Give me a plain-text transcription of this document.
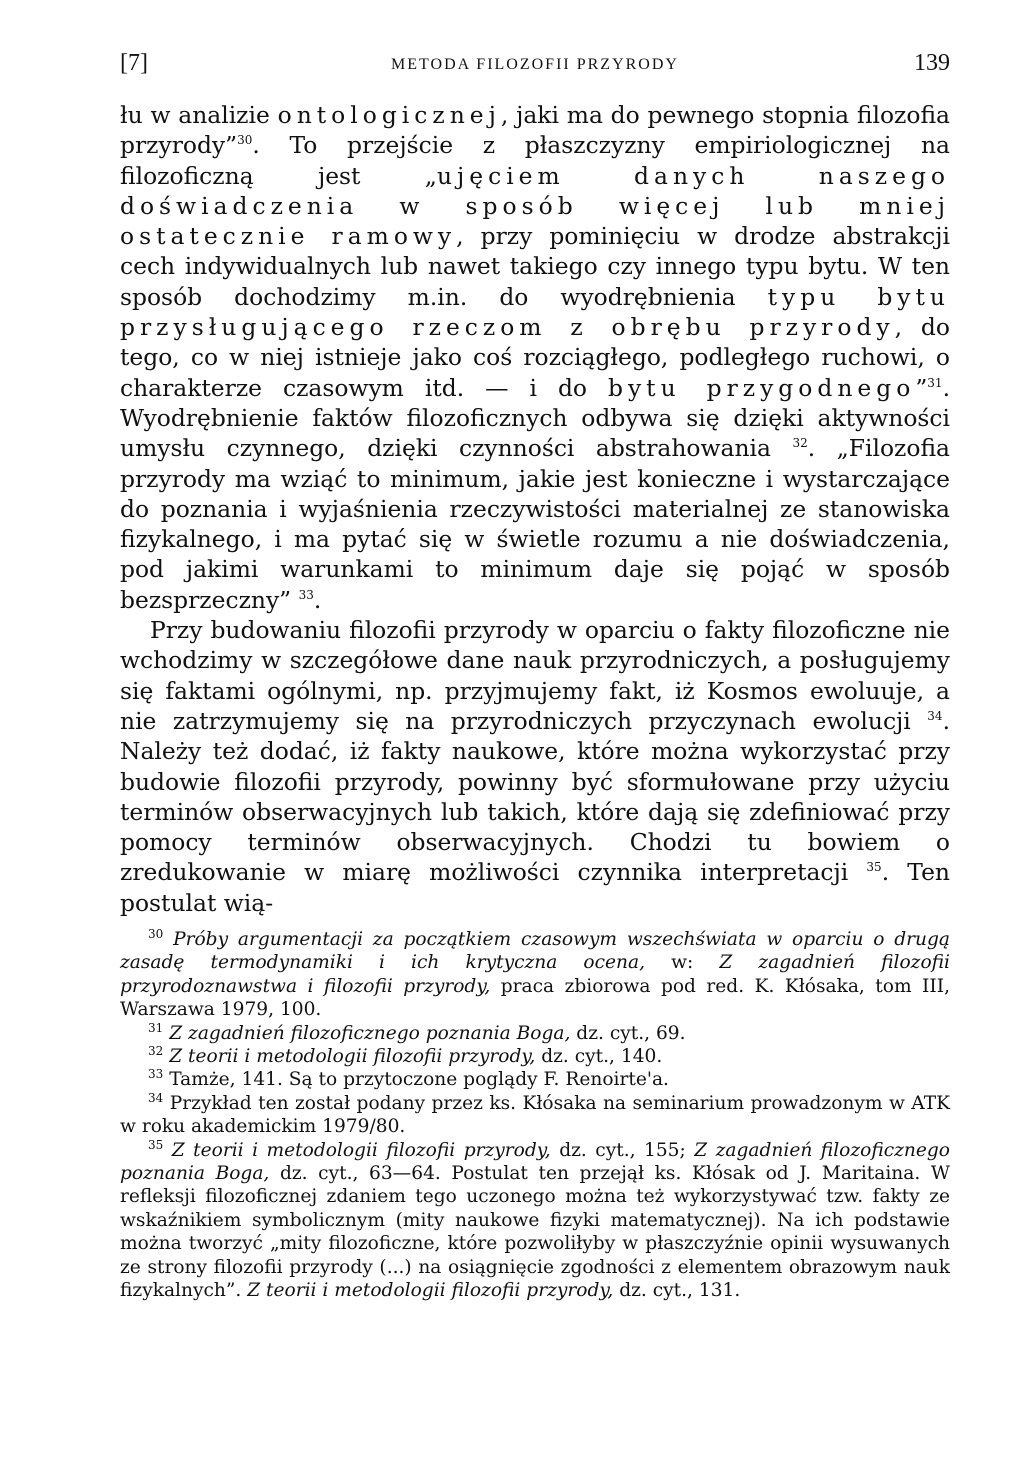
[7]	METODA FILOZOFII PRZYRODY	139

łu w analizie ontologicznej, jaki ma do pewnego stopnia filozofia przyrody”$^{30}$. To przejście z płaszczyzny empiriologicznej na filozoficzną jest „ujęciem danych naszego doświadczenia w sposób więcej lub mniej ostatecznie ramowy, przy pominięciu w drodze abstrakcji cech indywidualnych lub nawet takiego czy innego typu bytu. W ten sposób dochodzimy m.in. do wyodrębnienia typu bytu przysługującego rzeczom z obrębu przyrody, do tego, co w niej istnieje jako coś rozciągłego, podległego ruchowi, o charakterze czasowym itd. — i do bytu przygodnego”$^{31}$. Wyodrębnienie faktów filozoficznych odbywa się dzięki aktywności umysłu czynnego, dzięki czynności abstrahowania $^{32}$. „Filozofia przyrody ma wziąć to minimum, jakie jest konieczne i wystarczające do poznania i wyjaśnienia rzeczywistości materialnej ze stanowiska fizykalnego, i ma pytać się w świetle rozumu a nie doświadczenia, pod jakimi warunkami to minimum daje się pojąć w sposób bezsprzeczny” $^{33}$.

Przy budowaniu filozofii przyrody w oparciu o fakty filozoficzne nie wchodzimy w szczegółowe dane nauk przyrodniczych, a posługujemy się faktami ogólnymi, np. przyjmujemy fakt, iż Kosmos ewoluuje, a nie zatrzymujemy się na przyrodniczych przyczynach ewolucji $^{34}$. Należy też dodać, iż fakty naukowe, które można wykorzystać przy budowie filozofii przyrody, powinny być sformułowane przy użyciu terminów obserwacyjnych lub takich, które dają się zdefiniować przy pomocy terminów obserwacyjnych. Chodzi tu bowiem o zredukowanie w miarę możliwości czynnika interpretacji $^{35}$. Ten postulat wią-

$^{30}$ Próby argumentacji za początkiem czasowym wszechświata w oparciu o drugą zasadę termodynamiki i ich krytyczna ocena, w: Z zagadnień filozofii przyrodoznawstwa i filozofii przyrody, praca zbiorowa pod red. K. Kłósaka, tom III, Warszawa 1979, 100.

$^{31}$ Z zagadnień filozoficznego poznania Boga, dz. cyt., 69.

$^{32}$ Z teorii i metodologii filozofii przyrody, dz. cyt., 140.

$^{33}$ Tamże, 141. Są to przytoczone poglądy F. Renoirte'a.

$^{34}$ Przykład ten został podany przez ks. Kłósaka na seminarium prowadzonym w ATK w roku akademickim 1979/80.

$^{35}$ Z teorii i metodologii filozofii przyrody, dz. cyt., 155; Z zagadnień filozoficznego poznania Boga, dz. cyt., 63—64. Postulat ten przejął ks. Kłósak od J. Maritaina. W refleksji filozoficznej zdaniem tego uczonego można też wykorzystywać tzw. fakty ze wskaźnikiem symbolicznym (mity naukowe fizyki matematycznej). Na ich podstawie można tworzyć „mity filozoficzne, które pozwoliłyby w płaszczyźnie opinii wysuwanych ze strony filozofii przyrody (...) na osiągnięcie zgodności z elementem obrazowym nauk fizykalnych”. Z teorii i metodologii filozofii przyrody, dz. cyt., 131.
